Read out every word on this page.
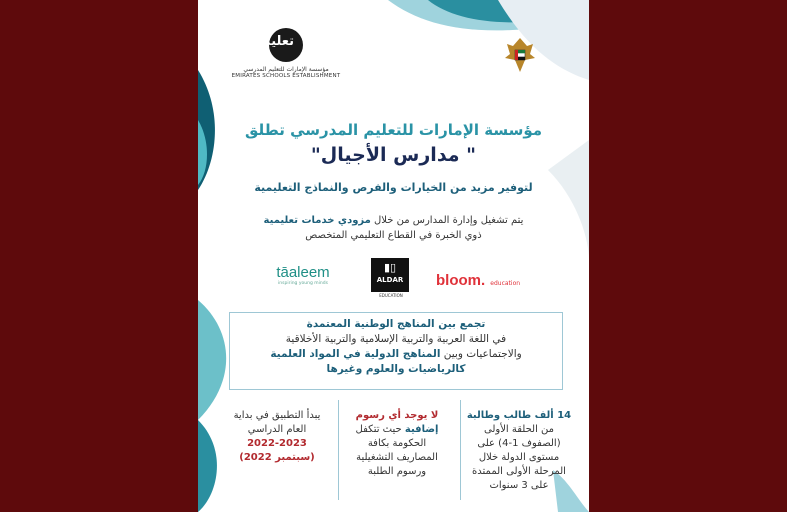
تعليم
مؤسسة الإمارات للتعليم المدرسي
EMIRATES SCHOOLS ESTABLISHMENT
مؤسسة الإمارات للتعليم المدرسي تطلق
" مدارس الأجيال"
لتوفير مزيد من الخيارات والفرص والنماذج التعليمية
يتم تشغيل وإدارة المدارس من خلال مزودي خدمات تعليمية
ذوي الخبرة في القطاع التعليمي المتخصص
tāaleem
inspiring young minds
▮▯
ALDAR
EDUCATION
bloom. education
تجمع بين المناهج الوطنية المعتمدة
في اللغة العربية والتربية الإسلامية والتربية الأخلاقية
والاجتماعيات وبين المناهج الدولية في المواد العلمية
كالرياضيات والعلوم وغيرها
14 ألف طالب وطالبة
من الحلقة الأولى
(الصفوف 1-4) على
مستوى الدولة خلال
المرحلة الأولى الممتدة
على 3 سنوات
لا يوجد أي رسوم
إضافية حيث تتكفل
الحكومة بكافة
المصاريف التشغيلية
ورسوم الطلبة
يبدأ التطبيق في بداية
العام الدراسي
2022-2023
(سبتمبر 2022)
